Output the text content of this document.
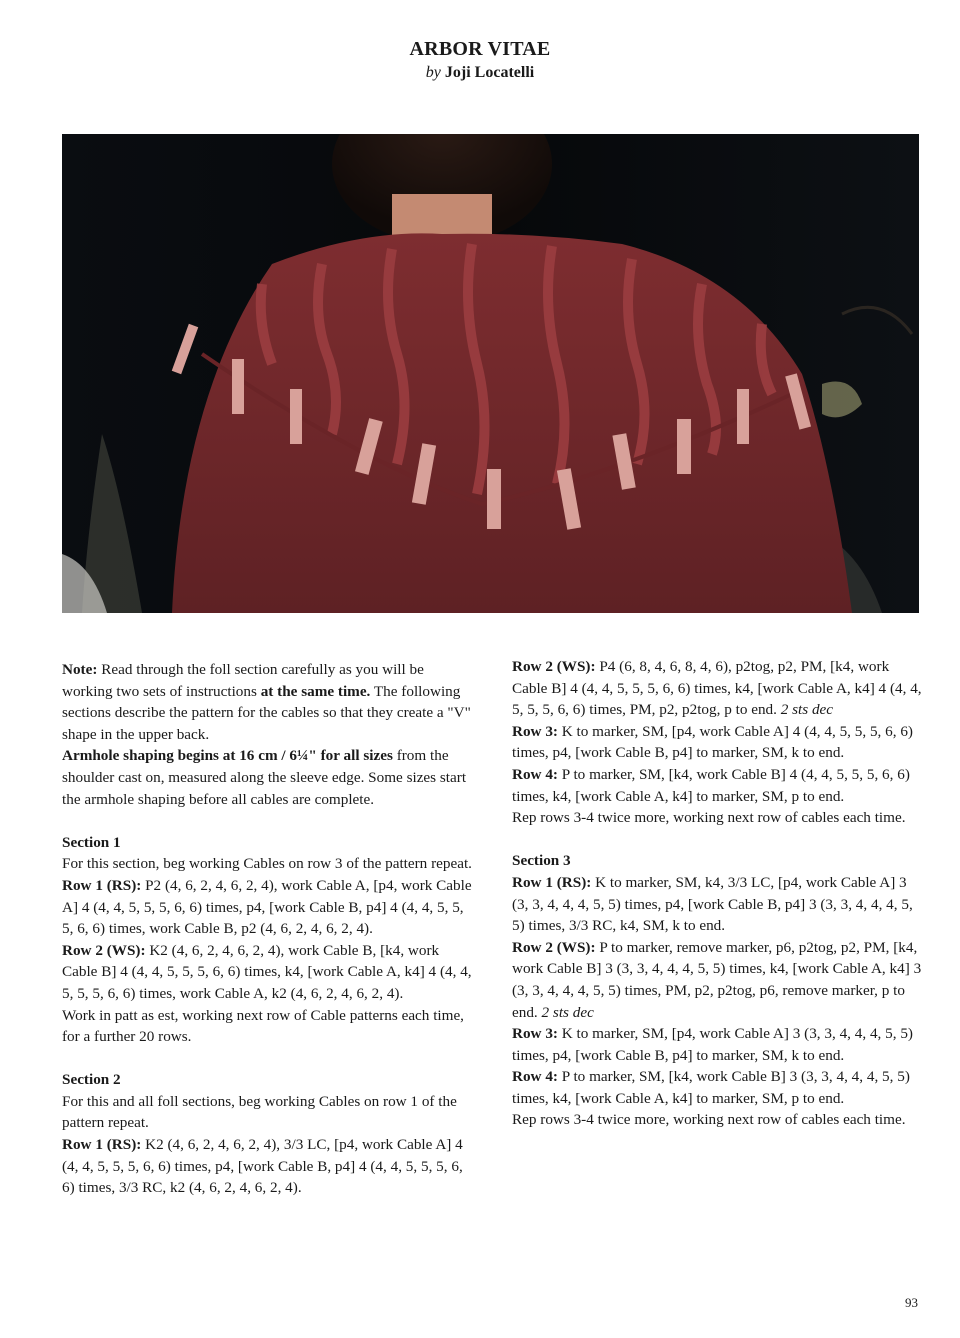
ARBOR VITAE
by Joji Locatelli

Note: Read through the foll section carefully as you will be working two sets of instructions at the same time. The following sections describe the pattern for the cables so that they create a "V" shape in the upper back.

Armhole shaping begins at 16 cm / 6¼" for all sizes from the shoulder cast on, measured along the sleeve edge. Some sizes start the armhole shaping before all cables are complete.

Section 1

For this section, beg working Cables on row 3 of the pattern repeat.

Row 1 (RS): P2 (4, 6, 2, 4, 6, 2, 4), work Cable A, [p4, work Cable A] 4 (4, 4, 5, 5, 5, 6, 6) times, p4, [work Cable B, p4] 4 (4, 4, 5, 5, 5, 6, 6) times, work Cable B, p2 (4, 6, 2, 4, 6, 2, 4).

Row 2 (WS): K2 (4, 6, 2, 4, 6, 2, 4), work Cable B, [k4, work Cable B] 4 (4, 4, 5, 5, 5, 6, 6) times, k4, [work Cable A, k4] 4 (4, 4, 5, 5, 5, 6, 6) times, work Cable A, k2 (4, 6, 2, 4, 6, 2, 4).

Work in patt as est, working next row of Cable patterns each time, for a further 20 rows.

Section 2

For this and all foll sections, beg working Cables on row 1 of the pattern repeat.

Row 1 (RS): K2 (4, 6, 2, 4, 6, 2, 4), 3/3 LC, [p4, work Cable A] 4 (4, 4, 5, 5, 5, 6, 6) times, p4, [work Cable B, p4] 4 (4, 4, 5, 5, 5, 6, 6) times, 3/3 RC, k2 (4, 6, 2, 4, 6, 2, 4).

Row 2 (WS): P4 (6, 8, 4, 6, 8, 4, 6), p2tog, p2, PM, [k4, work Cable B] 4 (4, 4, 5, 5, 5, 6, 6) times, k4, [work Cable A, k4] 4 (4, 4, 5, 5, 5, 6, 6) times, PM, p2, p2tog, p to end. 2 sts dec

Row 3: K to marker, SM, [p4, work Cable A] 4 (4, 4, 5, 5, 5, 6, 6) times, p4, [work Cable B, p4] to marker, SM, k to end.

Row 4: P to marker, SM, [k4, work Cable B] 4 (4, 4, 5, 5, 5, 6, 6) times, k4, [work Cable A, k4] to marker, SM, p to end.

Rep rows 3-4 twice more, working next row of cables each time.

Section 3

Row 1 (RS): K to marker, SM, k4, 3/3 LC, [p4, work Cable A] 3 (3, 3, 4, 4, 4, 5, 5) times, p4, [work Cable B, p4] 3 (3, 3, 4, 4, 4, 5, 5) times, 3/3 RC, k4, SM, k to end.

Row 2 (WS): P to marker, remove marker, p6, p2tog, p2, PM, [k4, work Cable B] 3 (3, 3, 4, 4, 4, 5, 5) times, k4, [work Cable A, k4] 3 (3, 3, 4, 4, 4, 5, 5) times, PM, p2, p2tog, p6, remove marker, p to end. 2 sts dec

Row 3: K to marker, SM, [p4, work Cable A] 3 (3, 3, 4, 4, 4, 5, 5) times, p4, [work Cable B, p4] to marker, SM, k to end.

Row 4: P to marker, SM, [k4, work Cable B] 3 (3, 3, 4, 4, 4, 5, 5) times, k4, [work Cable A, k4] to marker, SM, p to end.

Rep rows 3-4 twice more, working next row of cables each time.

93
